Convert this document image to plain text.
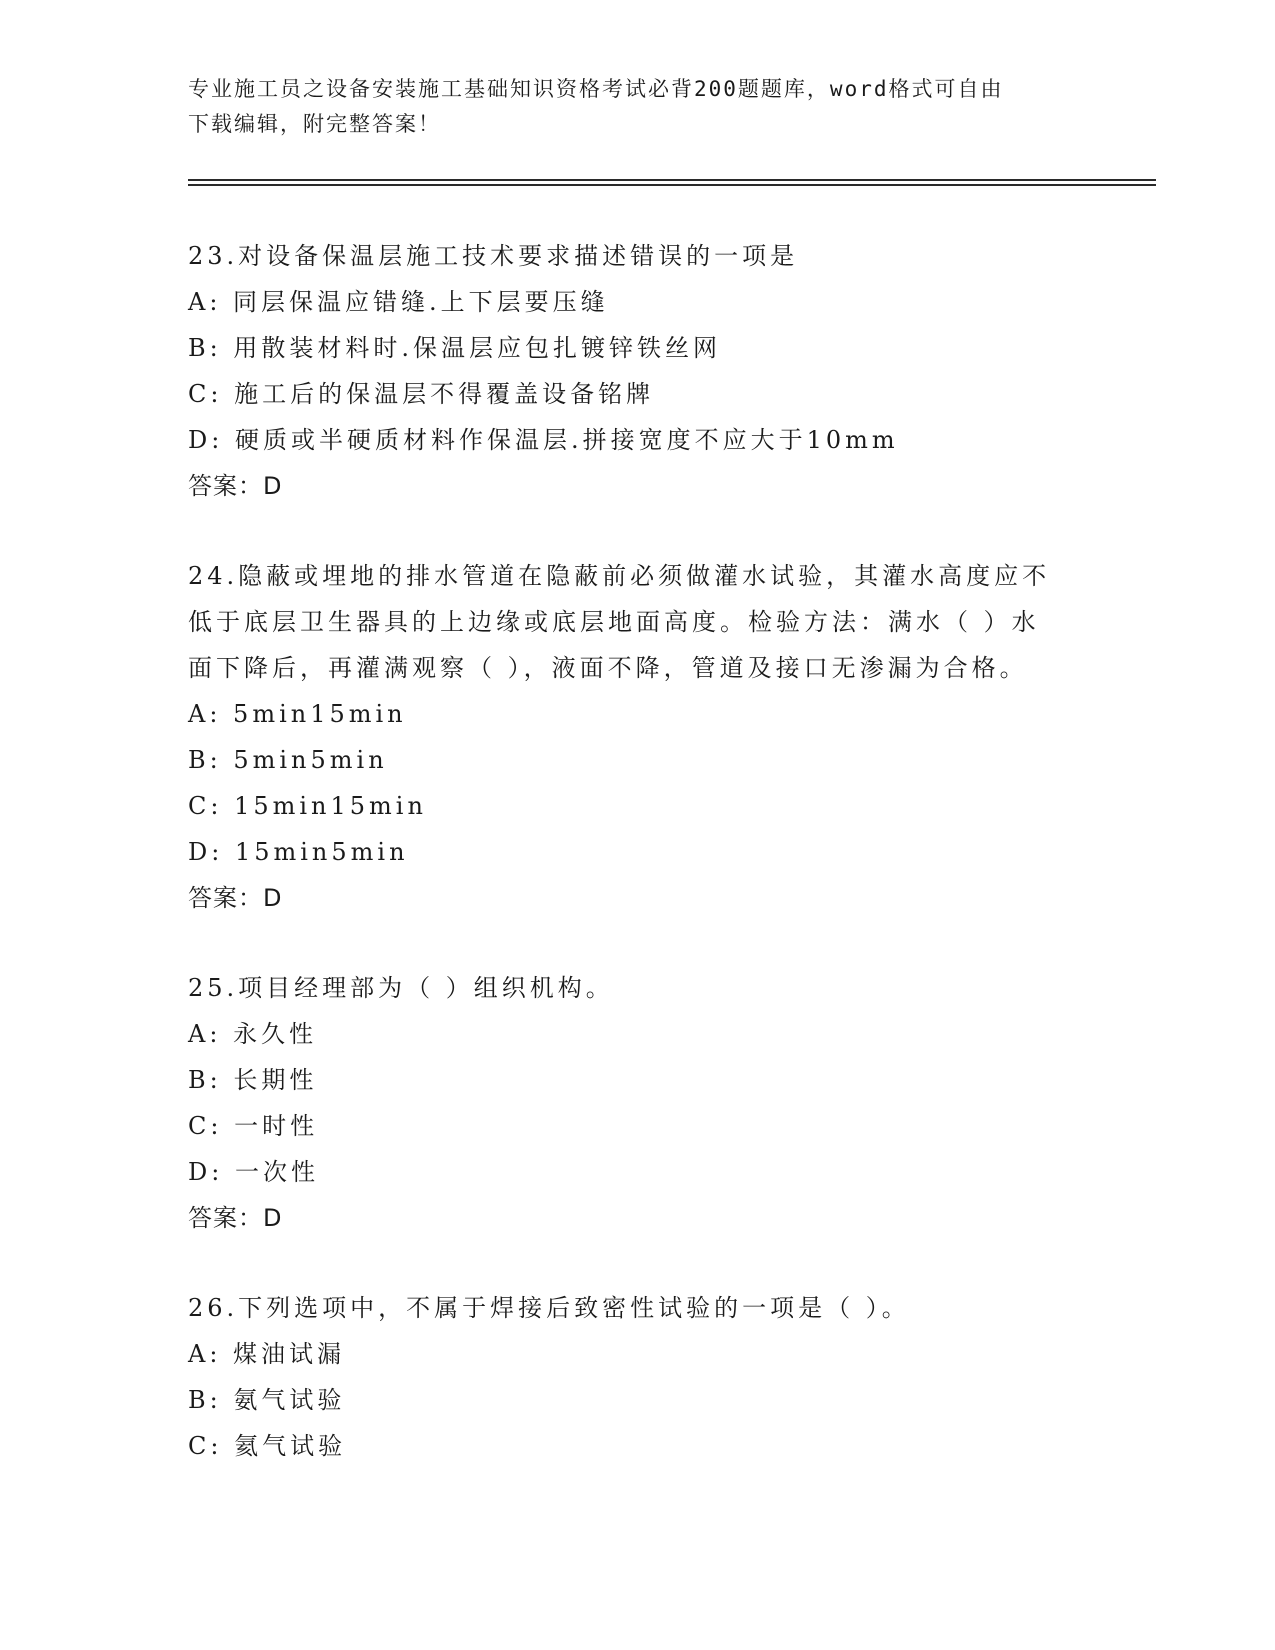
专业施工员之设备安装施工基础知识资格考试必背200题题库，word格式可自由
下载编辑，附完整答案！
23.对设备保温层施工技术要求描述错误的一项是
A: 同层保温应错缝.上下层要压缝
B: 用散装材料时.保温层应包扎镀锌铁丝网
C: 施工后的保温层不得覆盖设备铭牌
D: 硬质或半硬质材料作保温层.拼接宽度不应大于10mm
答案：D
24.隐蔽或埋地的排水管道在隐蔽前必须做灌水试验，其灌水高度应不
低于底层卫生器具的上边缘或底层地面高度。检验方法：满水（ ）水
面下降后，再灌满观察（ ），液面不降，管道及接口无渗漏为合格。
A: 5min15min
B: 5min5min
C: 15min15min
D: 15min5min
答案：D
25.项目经理部为（ ）组织机构。
A: 永久性
B: 长期性
C: 一时性
D: 一次性
答案：D
26.下列选项中，不属于焊接后致密性试验的一项是（ ）。
A: 煤油试漏
B: 氨气试验
C: 氦气试验
